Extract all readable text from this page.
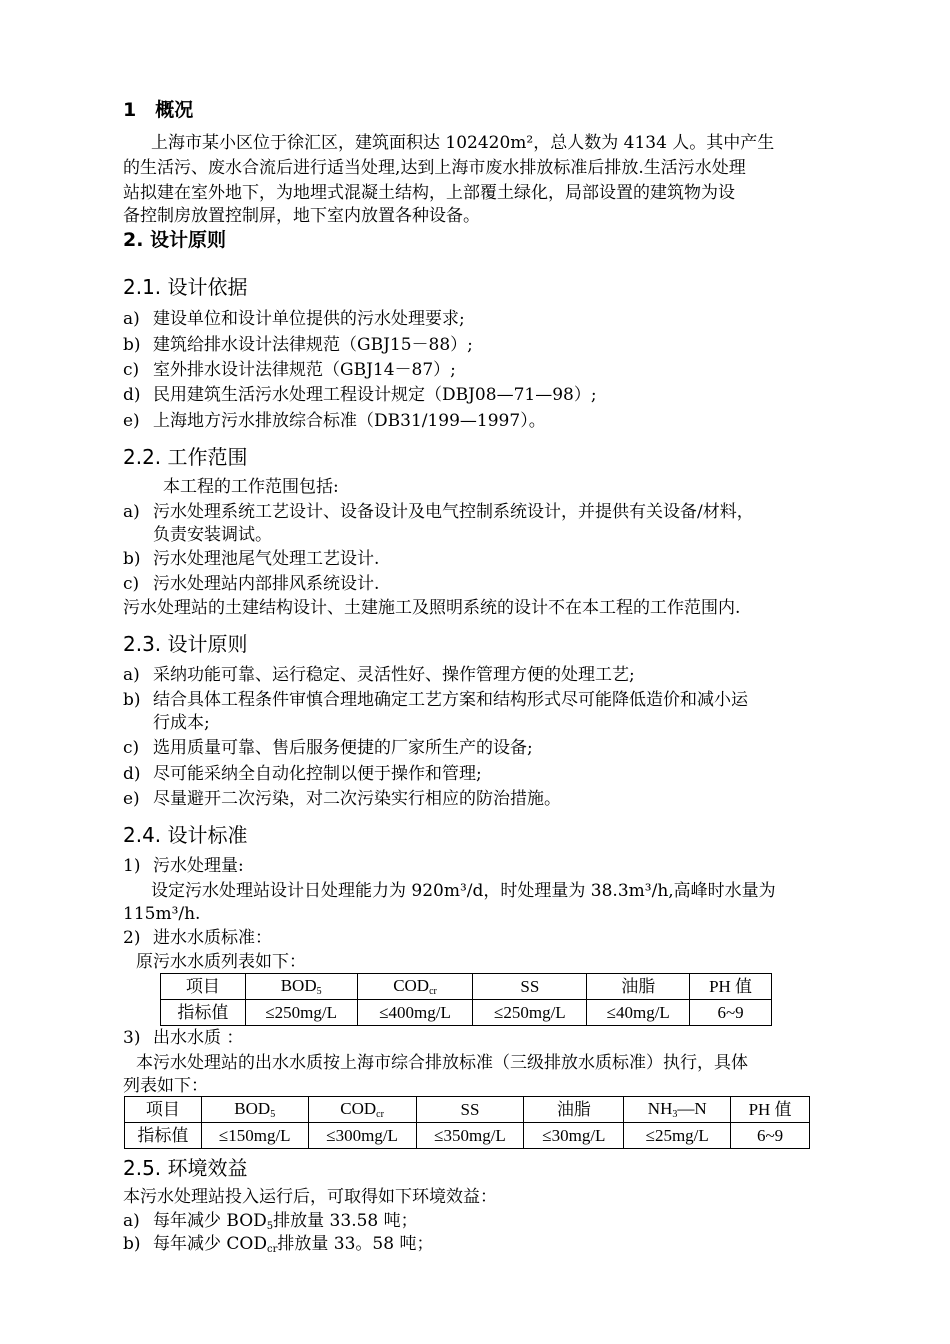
1　概况
上海市某小区位于徐汇区，建筑面积达 102420m²，总人数为 4134 人。其中产生
的生活污、废水合流后进行适当处理,达到上海市废水排放标准后排放.生活污水处理
站拟建在室外地下，为地埋式混凝土结构，上部覆土绿化，局部设置的建筑物为设
备控制房放置控制屏，地下室内放置各种设备。
2. 设计原则
2.1. 设计依据
a) 建设单位和设计单位提供的污水处理要求;
b) 建筑给排水设计法律规范（GBJ15－88）;
c) 室外排水设计法律规范（GBJ14－87）;
d) 民用建筑生活污水处理工程设计规定（DBJ08—71—98）;
e) 上海地方污水排放综合标准（DB31/199—1997）。
2.2. 工作范围
本工程的工作范围包括:
a) 污水处理系统工艺设计、设备设计及电气控制系统设计，并提供有关设备/材料，
负责安装调试。
b) 污水处理池尾气处理工艺设计.
c) 污水处理站内部排风系统设计.
污水处理站的土建结构设计、土建施工及照明系统的设计不在本工程的工作范围内.
2.3. 设计原则
a) 采纳功能可靠、运行稳定、灵活性好、操作管理方便的处理工艺;
b) 结合具体工程条件审慎合理地确定工艺方案和结构形式尽可能降低造价和减小运
行成本;
c) 选用质量可靠、售后服务便捷的厂家所生产的设备;
d) 尽可能采纳全自动化控制以便于操作和管理;
e) 尽量避开二次污染，对二次污染实行相应的防治措施。
2.4. 设计标准
1) 污水处理量:
设定污水处理站设计日处理能力为 920m³/d，时处理量为 38.3m³/h,高峰时水量为
115m³/h.
2) 进水水质标准：
原污水水质列表如下：
项目	$BOD_5$	$COD_{cr}$	SS	油脂	PH 值
指标值	≤250mg/L	≤400mg/L	≤250mg/L	≤40mg/L	6~9
3) 出水水质 ：
本污水处理站的出水水质按上海市综合排放标准（三级排放水质标准）执行，具体
列表如下：
项目	$BOD_5$	$COD_{cr}$	SS	油脂	$NH_3—N$	PH 值
指标值	≤150mg/L	≤300mg/L	≤350mg/L	≤30mg/L	≤25mg/L	6~9
2.5. 环境效益
本污水处理站投入运行后，可取得如下环境效益：
a) 每年减少 $BOD_5$排放量 33.58 吨；
b) 每年减少 $COD_{cr}$排放量 33。58 吨；
